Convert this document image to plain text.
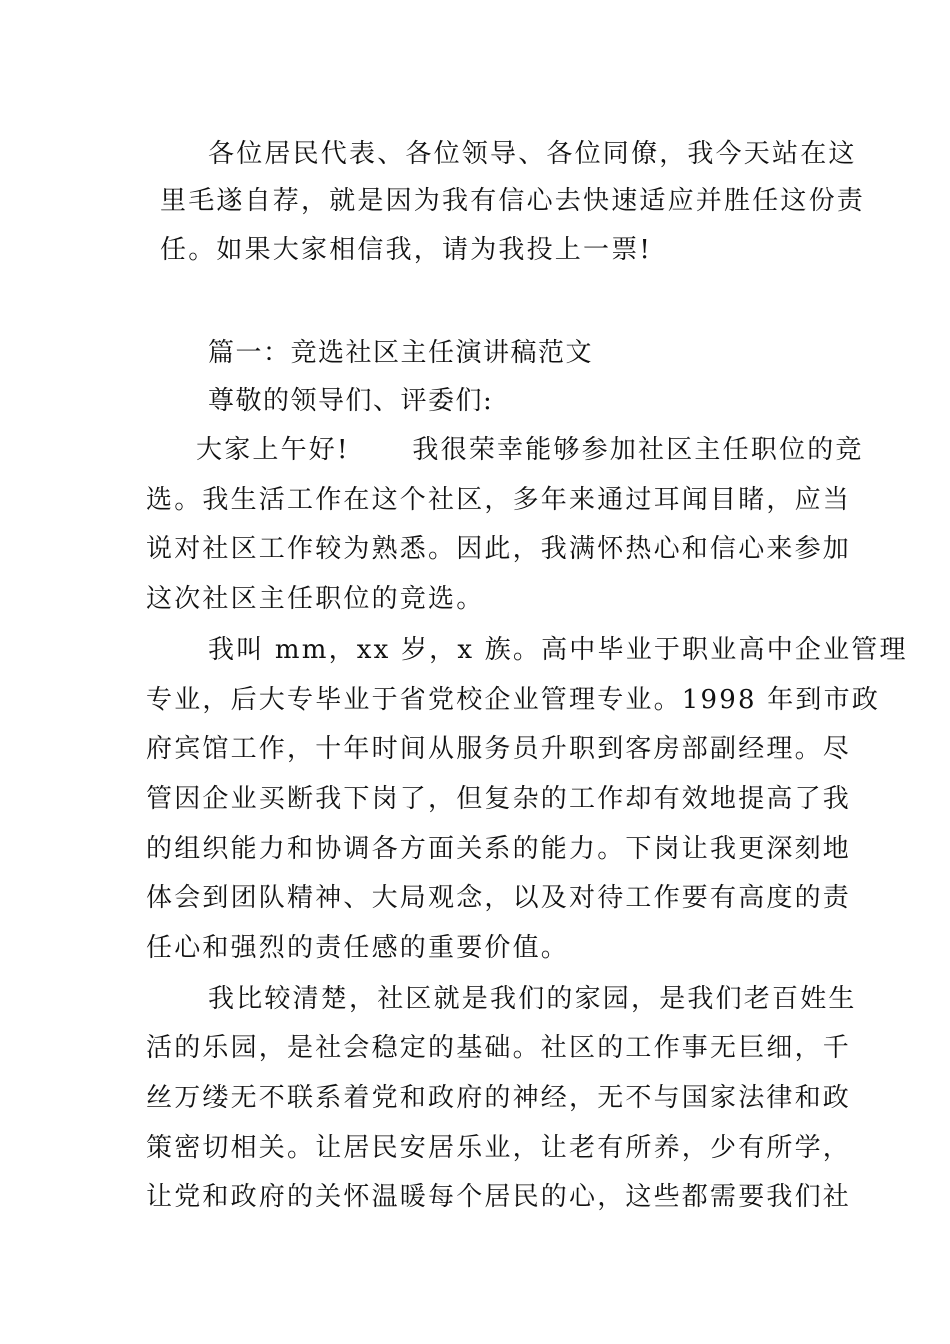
各位居民代表、各位领导、各位同僚，我今天站在这
里毛遂自荐，就是因为我有信心去快速适应并胜任这份责
任。如果大家相信我，请为我投上一票!
篇一：竞选社区主任演讲稿范文
尊敬的领导们、评委们:
大家上午好!      我很荣幸能够参加社区主任职位的竞
选。我生活工作在这个社区，多年来通过耳闻目睹，应当
说对社区工作较为熟悉。因此，我满怀热心和信心来参加
这次社区主任职位的竞选。
我叫 mm，xx 岁，x 族。高中毕业于职业高中企业管理
专业，后大专毕业于省党校企业管理专业。1998 年到市政
府宾馆工作，十年时间从服务员升职到客房部副经理。尽
管因企业买断我下岗了，但复杂的工作却有效地提高了我
的组织能力和协调各方面关系的能力。下岗让我更深刻地
体会到团队精神、大局观念，以及对待工作要有高度的责
任心和强烈的责任感的重要价值。
我比较清楚，社区就是我们的家园，是我们老百姓生
活的乐园，是社会稳定的基础。社区的工作事无巨细，千
丝万缕无不联系着党和政府的神经，无不与国家法律和政
策密切相关。让居民安居乐业，让老有所养，少有所学，
让党和政府的关怀温暖每个居民的心，这些都需要我们社
